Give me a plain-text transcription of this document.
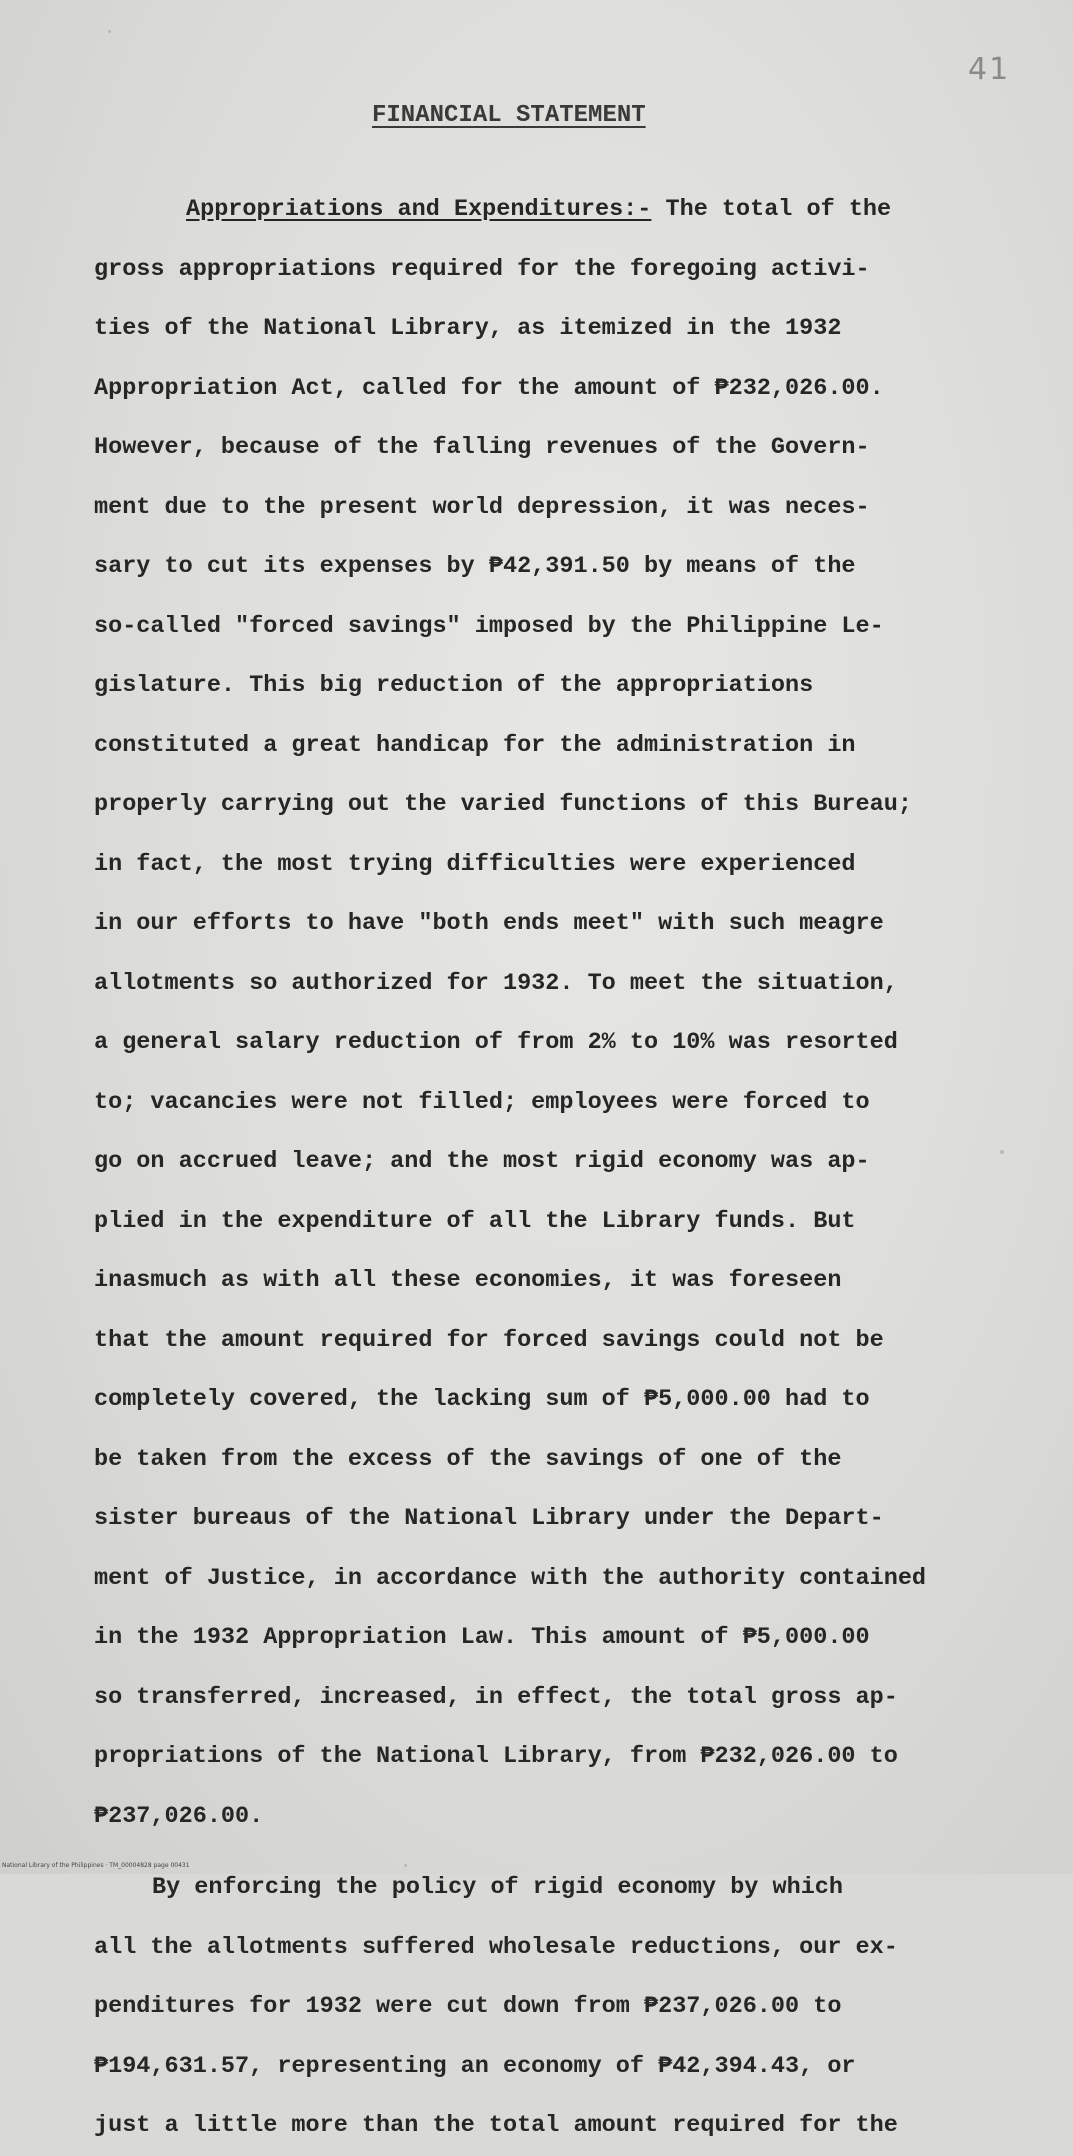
41
FINANCIAL STATEMENT
Appropriations and Expenditures:- The total of the
gross appropriations required for the foregoing activi-
ties of the National Library, as itemized in the 1932
Appropriation Act, called for the amount of ₱232,026.00.
However, because of the falling revenues of the Govern-
ment due to the present world depression, it was neces-
sary to cut its expenses by ₱42,391.50 by means of the
so-called "forced savings" imposed by the Philippine Le-
gislature. This big reduction of the appropriations
constituted a great handicap for the administration in
properly carrying out the varied functions of this Bureau;
in fact, the most trying difficulties were experienced
in our efforts to have "both ends meet" with such meagre
allotments so authorized for 1932. To meet the situation,
a general salary reduction of from 2% to 10% was resorted
to; vacancies were not filled; employees were forced to
go on accrued leave; and the most rigid economy was ap-
plied in the expenditure of all the Library funds. But
inasmuch as with all these economies, it was foreseen
that the amount required for forced savings could not be
completely covered, the lacking sum of ₱5,000.00 had to
be taken from the excess of the savings of one of the
sister bureaus of the National Library under the Depart-
ment of Justice, in accordance with the authority contained
in the 1932 Appropriation Law. This amount of ₱5,000.00
so transferred, increased, in effect, the total gross ap-
propriations of the National Library, from ₱232,026.00 to
₱237,026.00.
By enforcing the policy of rigid economy by which
all the allotments suffered wholesale reductions, our ex-
penditures for 1932 were cut down from ₱237,026.00 to
₱194,631.57, representing an economy of ₱42,394.43, or
just a little more than the total amount required for the
National Library of the Philippines · TM_00004828 page 00431
